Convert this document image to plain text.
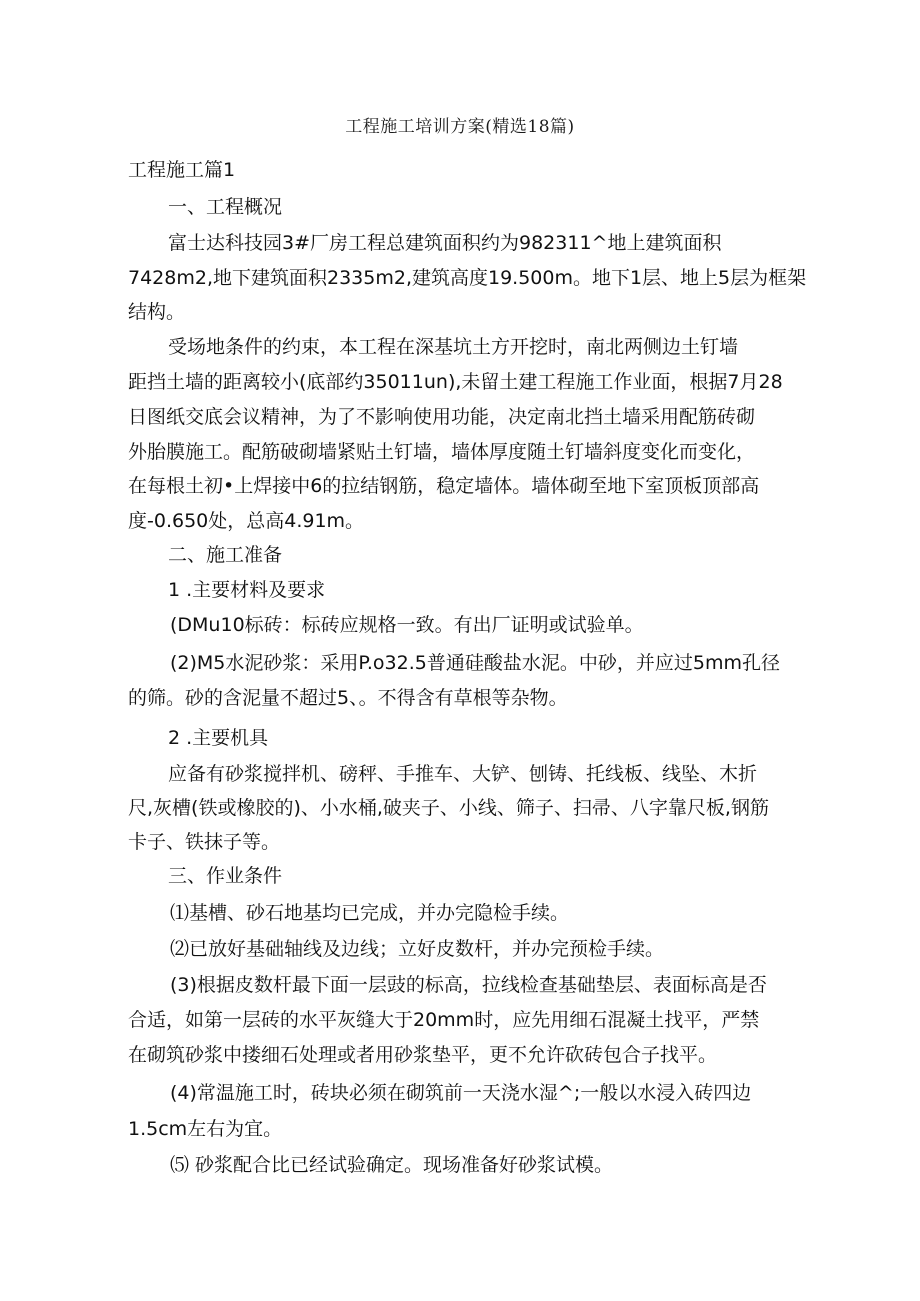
工程施工培训方案(精选18篇)
工程施工篇1
一、工程概况
富士达科技园3#厂房工程总建筑面积约为982311^地上建筑面积
7428m2,地下建筑面积2335m2,建筑高度19.500m。地下1层、地上5层为框架
结构。
受场地条件的约束，本工程在深基坑土方开挖时，南北两侧边土钉墙
距挡土墙的距离较小(底部约35011un),未留土建工程施工作业面，根据7月28
日图纸交底会议精神，为了不影响使用功能，决定南北挡土墙采用配筋砖砌
外胎膜施工。配筋破砌墙紧贴土钉墙，墙体厚度随土钉墙斜度变化而变化，
在每根土初•上焊接中6的拉结钢筋，稳定墙体。墙体砌至地下室顶板顶部高
度-0.650处，总高4.91m。
二、施工准备
1 .主要材料及要求
(DMu10标砖：标砖应规格一致。有出厂证明或试验单。
(2)M5水泥砂浆：采用P.o32.5普通硅酸盐水泥。中砂，并应过5mm孔径
的筛。砂的含泥量不超过5、。不得含有草根等杂物。
2 .主要机具
应备有砂浆搅拌机、磅秤、手推车、大铲、刨铸、托线板、线坠、木折
尺,灰槽(铁或橡胶的)、小水桶,破夹子、小线、筛子、扫帚、八字靠尺板,钢筋
卡子、铁抹子等。
三、作业条件
⑴基槽、砂石地基均已完成，并办完隐检手续。
⑵已放好基础轴线及边线；立好皮数杆，并办完预检手续。
(3)根据皮数杆最下面一层豉的标高，拉线检查基础垫层、表面标高是否
合适，如第一层砖的水平灰缝大于20mm时，应先用细石混凝土找平，严禁
在砌筑砂浆中搂细石处理或者用砂浆垫平，更不允许砍砖包合子找平。
(4)常温施工时，砖块必须在砌筑前一天浇水湿^;一般以水浸入砖四边
1.5cm左右为宜。
⑸ 砂浆配合比已经试验确定。现场准备好砂浆试模。
